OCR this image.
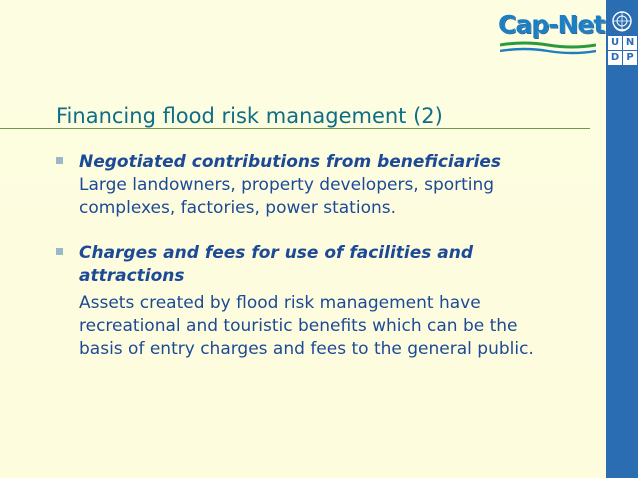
U N
D P
Cap-Net
Financing flood risk management (2)
Negotiated contributions from beneficiaries
Large landowners, property developers, sporting complexes, factories, power stations.
Charges and fees for use of facilities and attractions
Assets created by flood risk management have recreational and touristic benefits which can be the basis of entry charges and fees to the general public.
